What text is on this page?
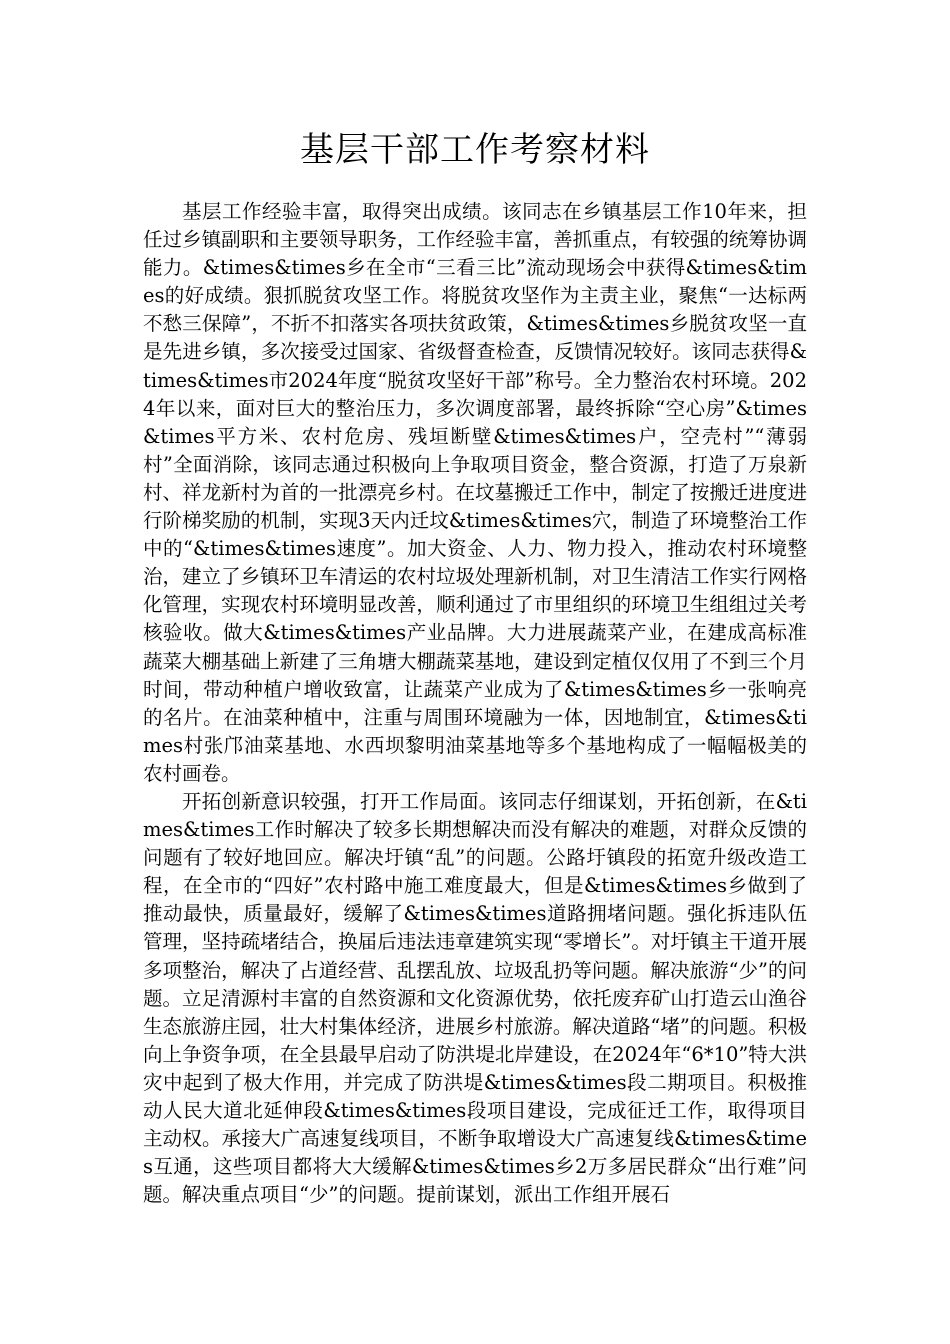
基层干部工作考察材料

基层工作经验丰富，取得突出成绩。该同志在乡镇基层工作10年来，担任过乡镇副职和主要领导职务，工作经验丰富，善抓重点，有较强的统筹协调能力。&times&times乡在全市“三看三比”流动现场会中获得&times&times的好成绩。狠抓脱贫攻坚工作。将脱贫攻坚作为主责主业，聚焦“一达标两不愁三保障”，不折不扣落实各项扶贫政策，&times&times乡脱贫攻坚一直是先进乡镇，多次接受过国家、省级督查检查，反馈情况较好。该同志获得&times&times市2024年度“脱贫攻坚好干部”称号。全力整治农村环境。2024年以来，面对巨大的整治压力，多次调度部署，最终拆除“空心房”&times&times平方米、农村危房、残垣断壁&times&times户，空壳村”“薄弱村”全面消除，该同志通过积极向上争取项目资金，整合资源，打造了万泉新村、祥龙新村为首的一批漂亮乡村。在坟墓搬迁工作中，制定了按搬迁进度进行阶梯奖励的机制，实现3天内迁坟&times&times穴，制造了环境整治工作中的“&times&times速度”。加大资金、人力、物力投入，推动农村环境整治，建立了乡镇环卫车清运的农村垃圾处理新机制，对卫生清洁工作实行网格化管理，实现农村环境明显改善，顺利通过了市里组织的环境卫生组组过关考核验收。做大&times&times产业品牌。大力进展蔬菜产业，在建成高标准蔬菜大棚基础上新建了三角塘大棚蔬菜基地，建设到定植仅仅用了不到三个月时间，带动种植户增收致富，让蔬菜产业成为了&times&times乡一张响亮的名片。在油菜种植中，注重与周围环境融为一体，因地制宜，&times&times村张邝油菜基地、水西坝黎明油菜基地等多个基地构成了一幅幅极美的农村画卷。

开拓创新意识较强，打开工作局面。该同志仔细谋划，开拓创新，在&times&times工作时解决了较多长期想解决而没有解决的难题，对群众反馈的问题有了较好地回应。解决圩镇“乱”的问题。公路圩镇段的拓宽升级改造工程，在全市的“四好”农村路中施工难度最大，但是&times&times乡做到了推动最快，质量最好，缓解了&times&times道路拥堵问题。强化拆违队伍管理，坚持疏堵结合，换届后违法违章建筑实现“零增长”。对圩镇主干道开展多项整治，解决了占道经营、乱摆乱放、垃圾乱扔等问题。解决旅游“少”的问题。立足清源村丰富的自然资源和文化资源优势，依托废弃矿山打造云山渔谷生态旅游庄园，壮大村集体经济，进展乡村旅游。解决道路“堵”的问题。积极向上争资争项，在全县最早启动了防洪堤北岸建设，在2024年“6*10”特大洪灾中起到了极大作用，并完成了防洪堤&times&times段二期项目。积极推动人民大道北延伸段&times&times段项目建设，完成征迁工作，取得项目主动权。承接大广高速复线项目，不断争取增设大广高速复线&times&times互通，这些项目都将大大缓解&times&times乡2万多居民群众“出行难”问题。解决重点项目“少”的问题。提前谋划，派出工作组开展石
